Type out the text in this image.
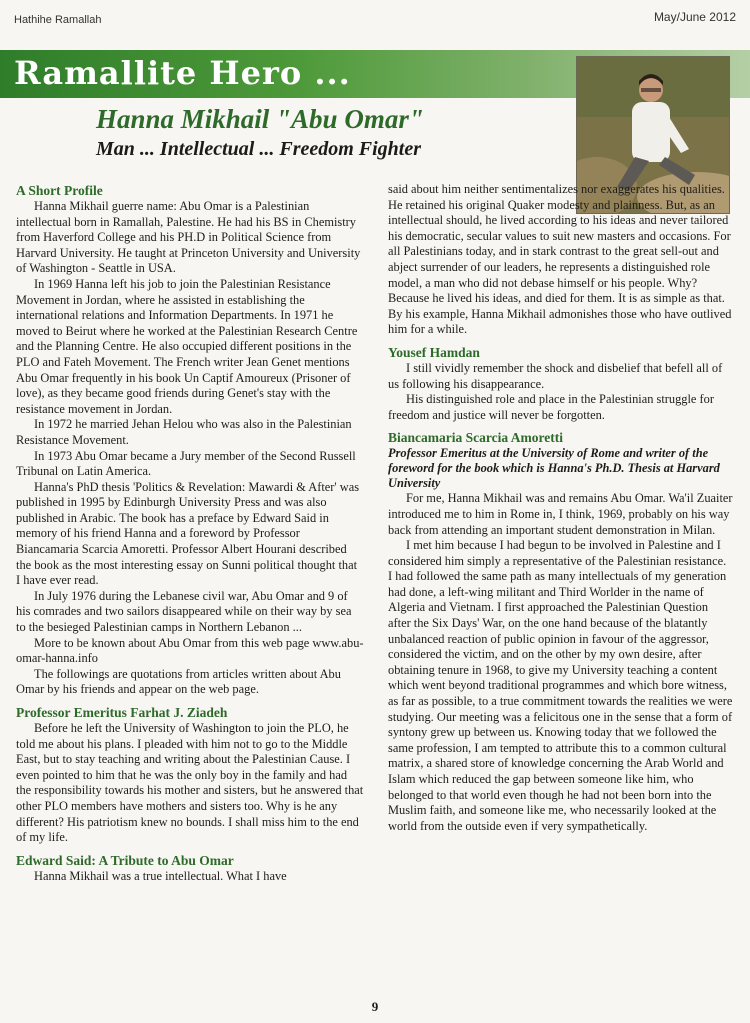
Hathihe Ramallah	May/June 2012
Ramallite Hero ...
Hanna Mikhail "Abu Omar"
Man ... Intellectual ... Freedom Fighter
A Short Profile

Hanna Mikhail guerre name: Abu Omar is a Palestinian intellectual born in Ramallah, Palestine. He had his BS in Chemistry from Haverford College and his PH.D in Political Science from Harvard University. He taught at Princeton University and University of Washington - Seattle in USA.

In 1969 Hanna left his job to join the Palestinian Resistance Movement in Jordan, where he assisted in establishing the international relations and Information Departments. In 1971 he moved to Beirut where he worked at the Palestinian Research Centre and the Planning Centre. He also occupied different positions in the PLO and Fateh Movement. The French writer Jean Genet mentions Abu Omar frequently in his book Un Captif Amoureux (Prisoner of love), as they became good friends during Genet's stay with the resistance movement in Jordan.

In 1972 he married Jehan Helou who was also in the Palestinian Resistance Movement.

In 1973 Abu Omar became a Jury member of the Second Russell Tribunal on Latin America.

Hanna's PhD thesis 'Politics & Revelation: Mawardi & After' was published in 1995 by Edinburgh University Press and was also published in Arabic. The book has a preface by Edward Said in memory of his friend Hanna and a foreword by Professor Biancamaria Scarcia Amoretti. Professor Albert Hourani described the book as the most interesting essay on Sunni political thought that I have ever read.

In July 1976 during the Lebanese civil war, Abu Omar and 9 of his comrades and two sailors disappeared while on their way by sea to the besieged Palestinian camps in Northern Lebanon ...

More to be known about Abu Omar from this web page www.abu-omar-hanna.info

The followings are quotations from articles written about Abu Omar by his friends and appear on the web page.

Professor Emeritus Farhat J. Ziadeh

Before he left the University of Washington to join the PLO, he told me about his plans. I pleaded with him not to go to the Middle East, but to stay teaching and writing about the Palestinian Cause. I even pointed to him that he was the only boy in the family and had the responsibility towards his mother and sisters, but he answered that other PLO members have mothers and sisters too. Why is he any different? His patriotism knew no bounds. I shall miss him to the end of my life.

Edward Said: A Tribute to Abu Omar

Hanna Mikhail was a true intellectual. What I have

said about him neither sentimentalizes nor exaggerates his qualities. He retained his original Quaker modesty and plainness. But, as an intellectual should, he lived according to his ideas and never tailored his democratic, secular values to suit new masters and occasions. For all Palestinians today, and in stark contrast to the great sell-out and abject surrender of our leaders, he represents a distinguished role model, a man who did not debase himself or his people. Why? Because he lived his ideas, and died for them. It is as simple as that. By his example, Hanna Mikhail admonishes those who have outlived him for a while.

Yousef Hamdan

I still vividly remember the shock and disbelief that befell all of us following his disappearance.

His distinguished role and place in the Palestinian struggle for freedom and justice will never be forgotten.

Biancamaria Scarcia Amoretti
Professor Emeritus at the University of Rome and writer of the foreword for the book which is Hanna's Ph.D. Thesis at Harvard University

For me, Hanna Mikhail was and remains Abu Omar. Wa'il Zuaiter introduced me to him in Rome in, I think, 1969, probably on his way back from attending an important student demonstration in Milan.

I met him because I had begun to be involved in Palestine and I considered him simply a representative of the Palestinian resistance. I had followed the same path as many intellectuals of my generation had done, a left-wing militant and Third Worlder in the name of Algeria and Vietnam. I first approached the Palestinian Question after the Six Days' War, on the one hand because of the blatantly unbalanced reaction of public opinion in favour of the aggressor, considered the victim, and on the other by my own desire, after obtaining tenure in 1968, to give my University teaching a content which went beyond traditional programmes and which bore witness, as far as possible, to a true commitment towards the realities we were studying. Our meeting was a felicitous one in the sense that a form of syntony grew up between us. Knowing today that we followed the same profession, I am tempted to attribute this to a common cultural matrix, a shared store of knowledge concerning the Arab World and Islam which reduced the gap between someone like him, who belonged to that world even though he had not been born into the Muslim faith, and someone like me, who necessarily looked at the world from the outside even if very sympathetically.

9
